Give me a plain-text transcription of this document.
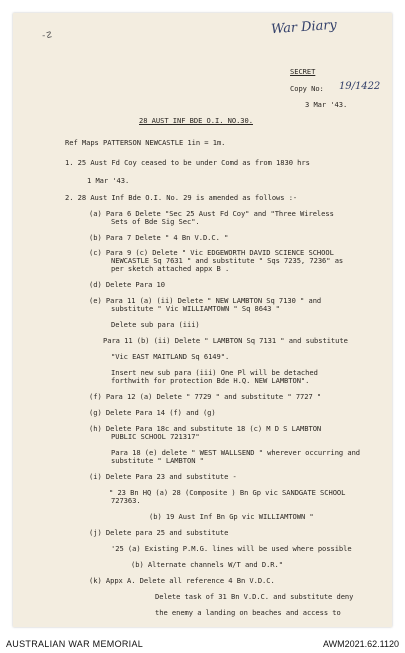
-☡	War Diary
SECRET
Copy No: 19/1422
3 Mar '43.
28 AUST INF BDE O.I. NO.30.
Ref Maps PATTERSON NEWCASTLE 1in = 1m.
1. 25 Aust Fd Coy ceased to be under Comd as from 1830 hrs
1 Mar '43.
2. 28 Aust Inf Bde O.I. No. 29 is amended as follows :-
(a) Para 6 Delete "Sec 25 Aust Fd Coy" and "Three Wireless
Sets of Bde Sig Sec".
(b) Para 7 Delete " 4 Bn V.D.C. "
(c) Para 9 (c) Delete " Vic EDGEWORTH DAVID SCIENCE SCHOOL
NEWCASTLE Sq 7631 " and substitute " Sqs 7235, 7236" as
per sketch attached appx B .
(d) Delete Para 10
(e) Para 11 (a) (ii) Delete " NEW LAMBTON Sq 7130 " and
substitute " Vic WILLIAMTOWN " Sq 8643 "
Delete sub para (iii)
Para 11 (b) (ii) Delete " LAMBTON Sq 7131 " and substitute
"Vic EAST MAITLAND Sq 6149".
Insert new sub para (iii) One Pl will be detached
forthwith for protection Bde H.Q. NEW LAMBTON".
(f) Para 12 (a) Delete " 7729 " and substitute " 7727 "
(g) Delete Para 14 (f) and (g)
(h) Delete Para 18c and substitute 18 (c) M D S LAMBTON
PUBLIC SCHOOL 721317"
Para 18 (e) delete " WEST WALLSEND " wherever occurring and
substitute " LAMBTON "
(i) Delete Para 23 and substitute -
" 23 Bn HQ (a) 28 (Composite ) Bn Gp vic SANDGATE SCHOOL
727363.
(b) 19 Aust Inf Bn Gp vic WILLIAMTOWN "
(j) Delete para 25 and substitute
'25 (a) Existing P.M.G. lines will be used where possible
(b) Alternate channels W/T and D.R."
(k) Appx A. Delete all reference 4 Bn V.D.C.
Delete task of 31 Bn V.D.C. and substitute deny
the enemy a landing on beaches and access to
AUSTRALIAN WAR MEMORIAL	AWM2021.62.1120
